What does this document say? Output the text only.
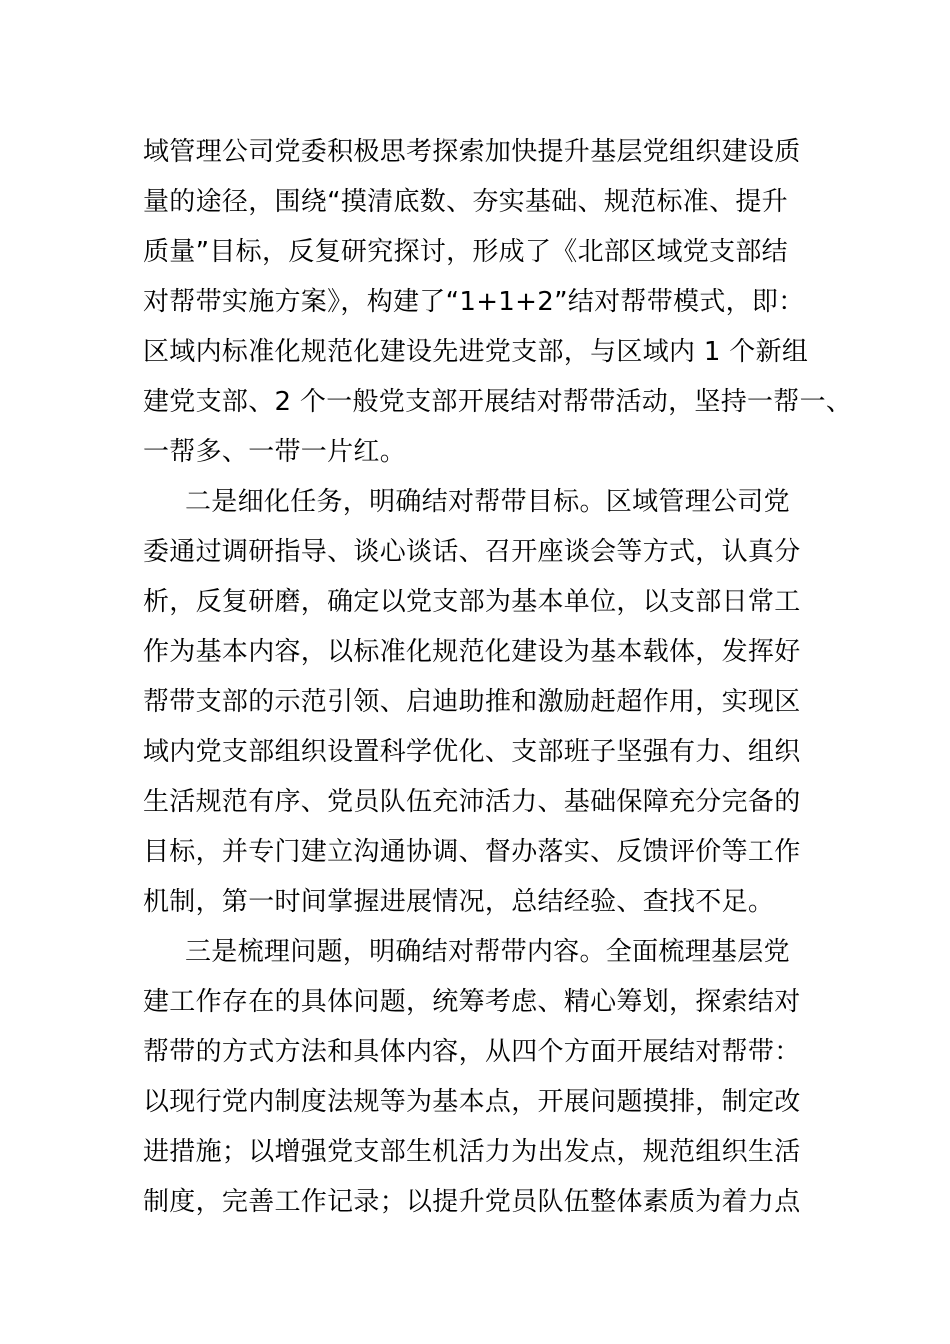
域管理公司党委积极思考探索加快提升基层党组织建设质
量的途径，围绕“摸清底数、夯实基础、规范标准、提升
质量”目标，反复研究探讨，形成了《北部区域党支部结
对帮带实施方案》，构建了“1+1+2”结对帮带模式，即：
区域内标准化规范化建设先进党支部，与区域内 1 个新组
建党支部、2 个一般党支部开展结对帮带活动，坚持一帮一、
一帮多、一带一片红。
二是细化任务，明确结对帮带目标。区域管理公司党
委通过调研指导、谈心谈话、召开座谈会等方式，认真分
析，反复研磨，确定以党支部为基本单位，以支部日常工
作为基本内容，以标准化规范化建设为基本载体，发挥好
帮带支部的示范引领、启迪助推和激励赶超作用，实现区
域内党支部组织设置科学优化、支部班子坚强有力、组织
生活规范有序、党员队伍充沛活力、基础保障充分完备的
目标，并专门建立沟通协调、督办落实、反馈评价等工作
机制，第一时间掌握进展情况，总结经验、查找不足。
三是梳理问题，明确结对帮带内容。全面梳理基层党
建工作存在的具体问题，统筹考虑、精心筹划，探索结对
帮带的方式方法和具体内容，从四个方面开展结对帮带：
以现行党内制度法规等为基本点，开展问题摸排，制定改
进措施；以增强党支部生机活力为出发点，规范组织生活
制度，完善工作记录；以提升党员队伍整体素质为着力点
